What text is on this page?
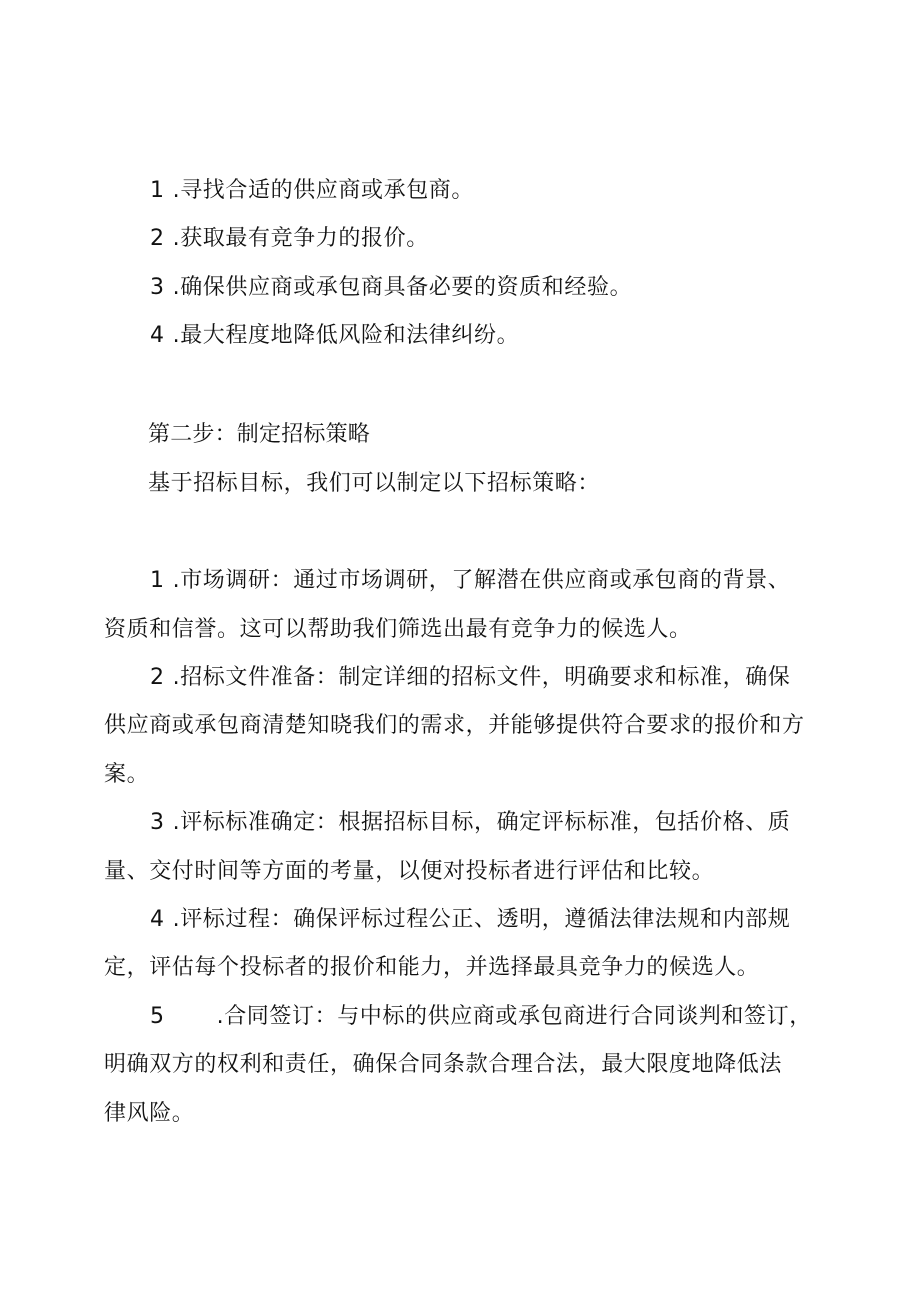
1 .寻找合适的供应商或承包商。
2 .获取最有竞争力的报价。
3 .确保供应商或承包商具备必要的资质和经验。
4 .最大程度地降低风险和法律纠纷。
第二步：制定招标策略
基于招标目标，我们可以制定以下招标策略：
1 .市场调研：通过市场调研，了解潜在供应商或承包商的背景、
资质和信誉。这可以帮助我们筛选出最有竞争力的候选人。
2 .招标文件准备：制定详细的招标文件，明确要求和标准，确保
供应商或承包商清楚知晓我们的需求，并能够提供符合要求的报价和方
案。
3 .评标标准确定：根据招标目标，确定评标标准，包括价格、质
量、交付时间等方面的考量，以便对投标者进行评估和比较。
4 .评标过程：确保评标过程公正、透明，遵循法律法规和内部规
定，评估每个投标者的报价和能力，并选择最具竞争力的候选人。
5 .合同签订：与中标的供应商或承包商进行合同谈判和签订，
明确双方的权利和责任，确保合同条款合理合法，最大限度地降低法
律风险。
